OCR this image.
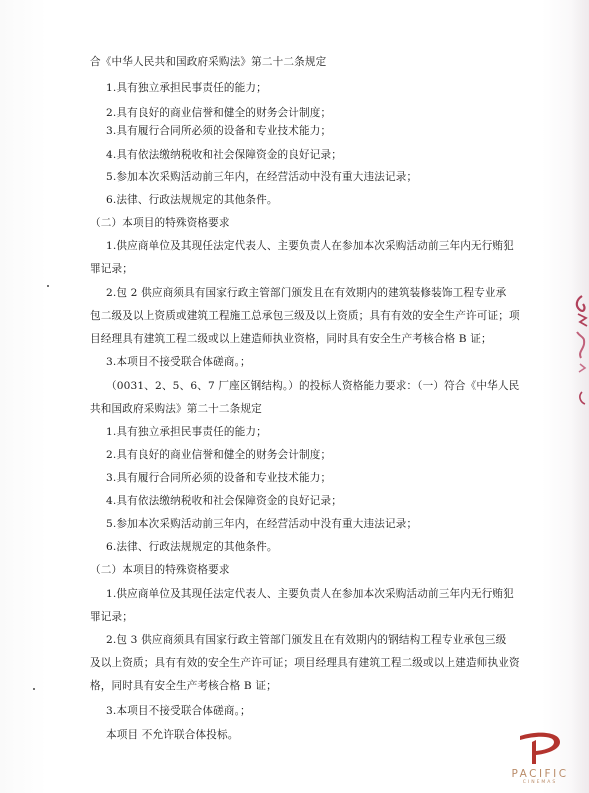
合《中华人民共和国政府采购法》第二十二条规定
1.具有独立承担民事责任的能力；
2.具有良好的商业信誉和健全的财务会计制度；
3.具有履行合同所必须的设备和专业技术能力；
4.具有依法缴纳税收和社会保障资金的良好记录；
5.参加本次采购活动前三年内，在经营活动中没有重大违法记录；
6.法律、行政法规规定的其他条件。
（二）本项目的特殊资格要求
1.供应商单位及其现任法定代表人、主要负责人在参加本次采购活动前三年内无行贿犯
罪记录；
2.包 2 供应商须具有国家行政主管部门颁发且在有效期内的建筑装修装饰工程专业承
包二级及以上资质或建筑工程施工总承包三级及以上资质；具有有效的安全生产许可证；项
目经理具有建筑工程二级或以上建造师执业资格，同时具有安全生产考核合格 B 证；
3.本项目不接受联合体磋商。；
（0031、2、5、6、7 厂座区钢结构。）的投标人资格能力要求：（一）符合《中华人民
共和国政府采购法》第二十二条规定
1.具有独立承担民事责任的能力；
2.具有良好的商业信誉和健全的财务会计制度；
3.具有履行合同所必须的设备和专业技术能力；
4.具有依法缴纳税收和社会保障资金的良好记录；
5.参加本次采购活动前三年内，在经营活动中没有重大违法记录；
6.法律、行政法规规定的其他条件。
（二）本项目的特殊资格要求
1.供应商单位及其现任法定代表人、主要负责人在参加本次采购活动前三年内无行贿犯
罪记录；
2.包 3 供应商须具有国家行政主管部门颁发且在有效期内的钢结构工程专业承包三级
及以上资质；具有有效的安全生产许可证；项目经理具有建筑工程二级或以上建造师执业资
格，同时具有安全生产考核合格 B 证；
3.本项目不接受联合体磋商。；
本项目 不允许联合体投标。
PACIFIC
CINEMAS
